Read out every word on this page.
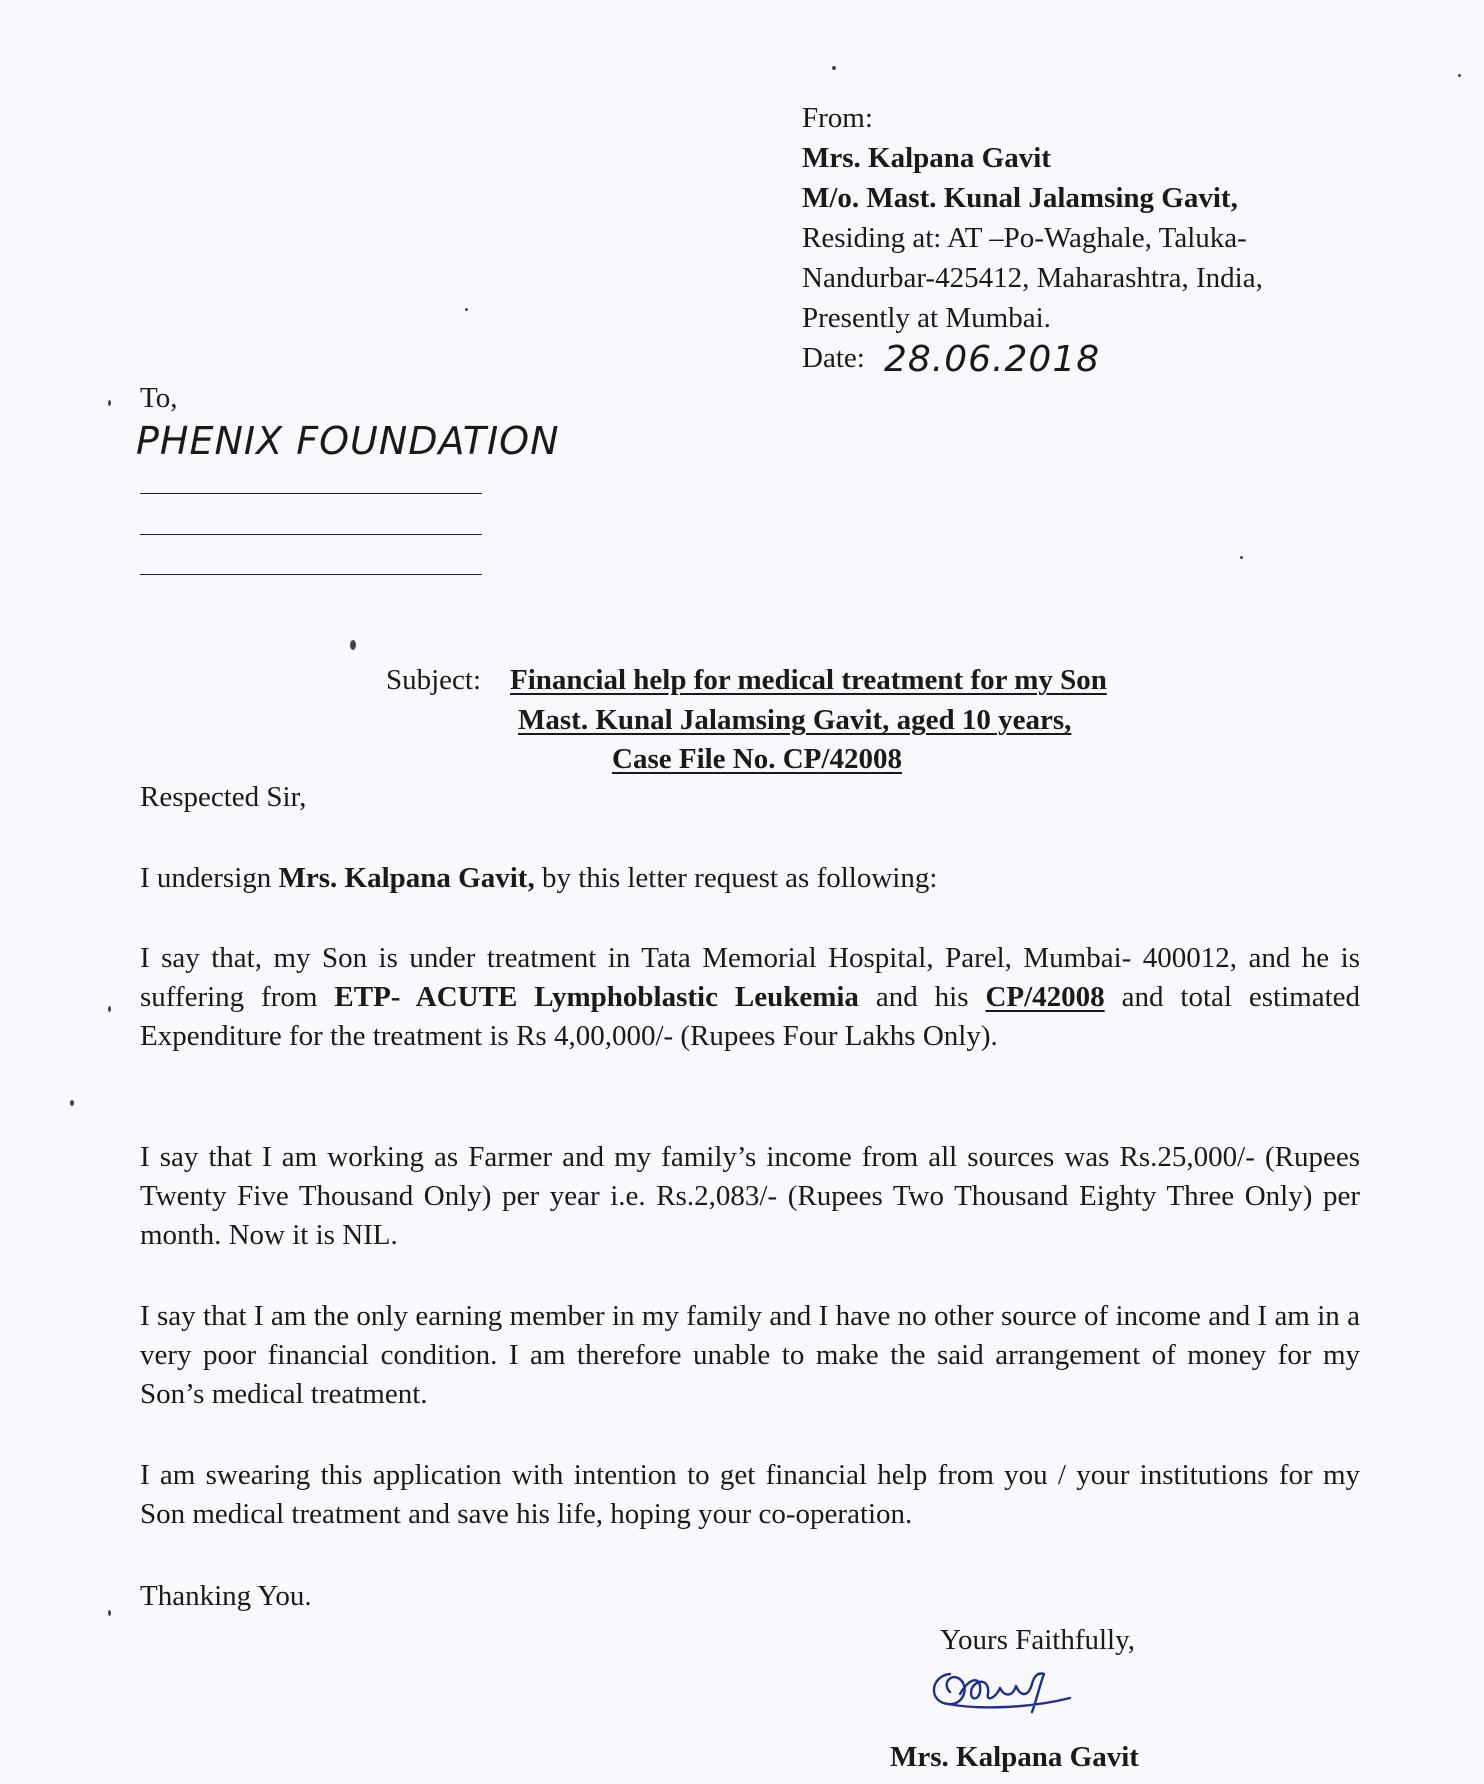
From:
Mrs. Kalpana Gavit
M/o. Mast. Kunal Jalamsing Gavit,
Residing at: AT –Po-Waghale, Taluka-
Nandurbar-425412, Maharashtra, India,
Presently at Mumbai.
Date: 28.06.2018
To,
PHENIX FOUNDATION
Subject: Financial help for medical treatment for my Son
Mast. Kunal Jalamsing Gavit, aged 10 years,
Case File No. CP/42008
Respected Sir,
I undersign Mrs. Kalpana Gavit, by this letter request as following:
I say that, my Son is under treatment in Tata Memorial Hospital, Parel, Mumbai- 400012, and he is suffering from ETP- ACUTE Lymphoblastic Leukemia and his CP/42008 and total estimated Expenditure for the treatment is Rs 4,00,000/- (Rupees Four Lakhs Only).
I say that I am working as Farmer and my family’s income from all sources was Rs.25,000/- (Rupees Twenty Five Thousand Only) per year i.e. Rs.2,083/- (Rupees Two Thousand Eighty Three Only) per month. Now it is NIL.
I say that I am the only earning member in my family and I have no other source of income and I am in a very poor financial condition. I am therefore unable to make the said arrangement of money for my Son’s medical treatment.
I am swearing this application with intention to get financial help from you / your institutions for my Son medical treatment and save his life, hoping your co-operation.
Thanking You.
Yours Faithfully,
Mrs. Kalpana Gavit
